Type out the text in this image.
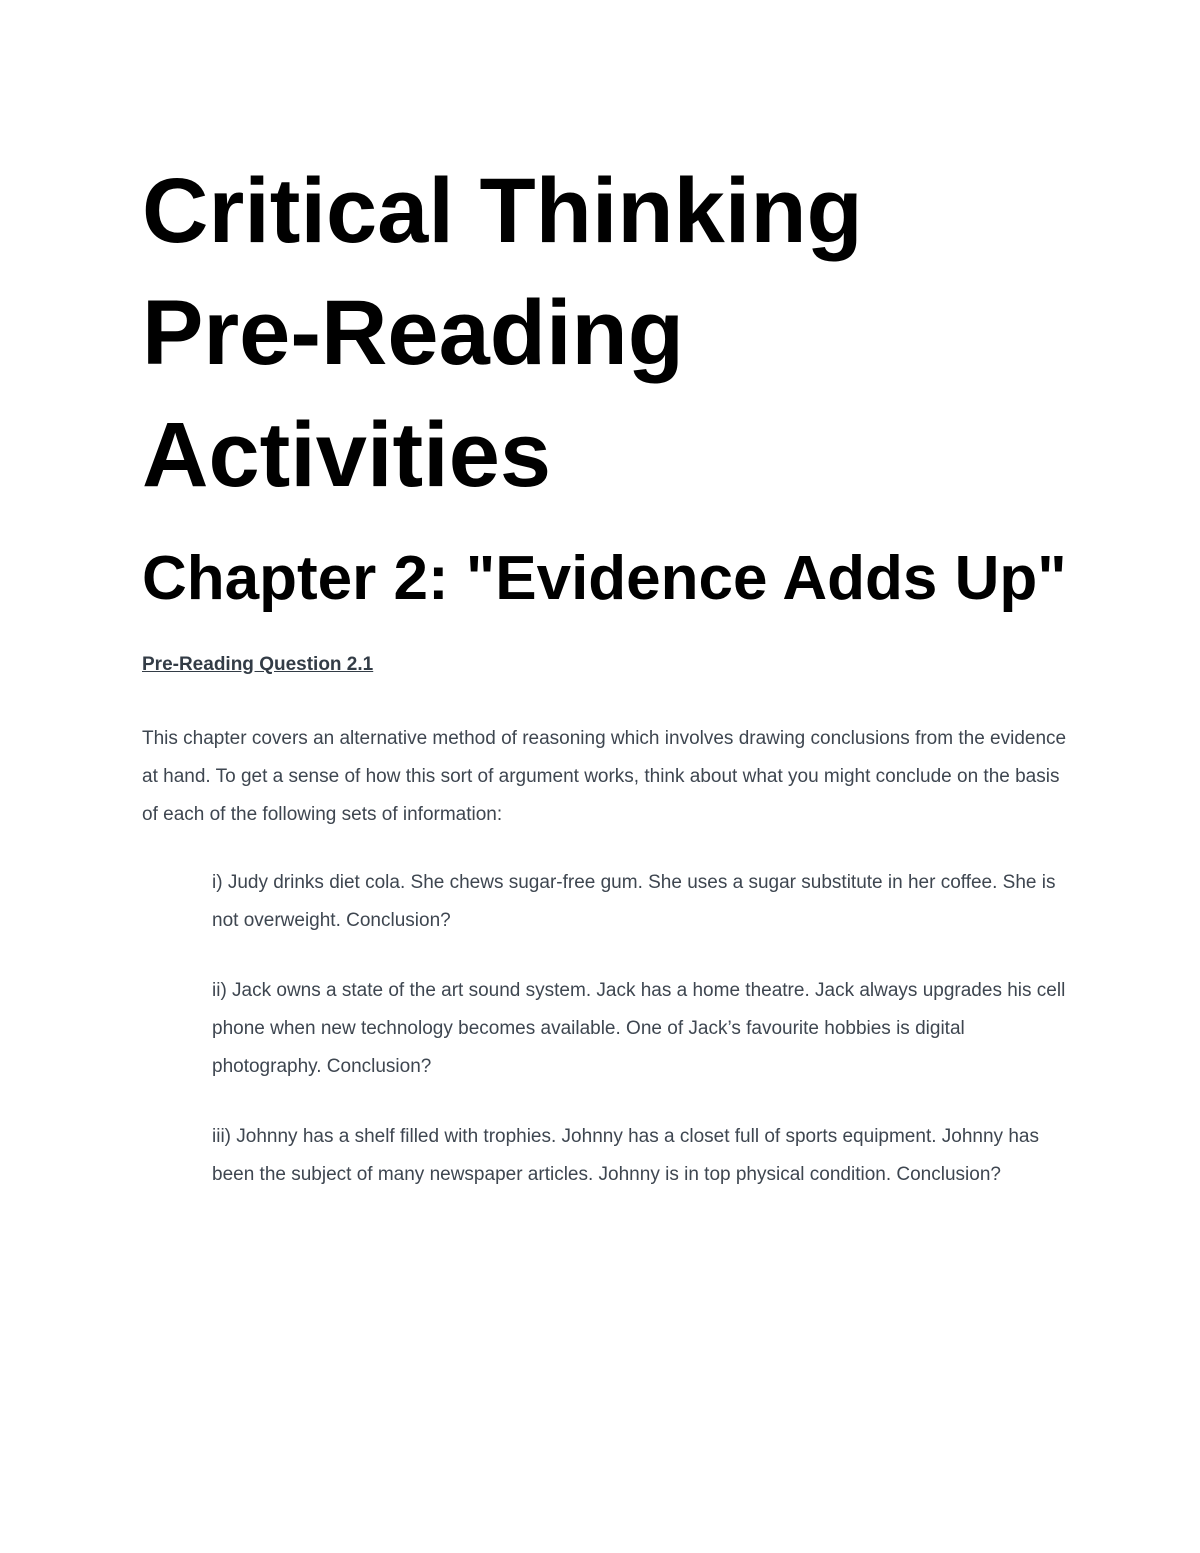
Critical Thinking
Pre-Reading
Activities
Chapter 2: "Evidence Adds Up"
Pre-Reading Question 2.1

This chapter covers an alternative method of reasoning which involves drawing conclusions from the evidence at hand. To get a sense of how this sort of argument works, think about what you might conclude on the basis of each of the following sets of information:

i) Judy drinks diet cola. She chews sugar-free gum. She uses a sugar substitute in her coffee. She is not overweight. Conclusion?

ii) Jack owns a state of the art sound system. Jack has a home theatre. Jack always upgrades his cell phone when new technology becomes available. One of Jack’s favourite hobbies is digital photography. Conclusion?

iii) Johnny has a shelf filled with trophies. Johnny has a closet full of sports equipment. Johnny has been the subject of many newspaper articles. Johnny is in top physical condition. Conclusion?
